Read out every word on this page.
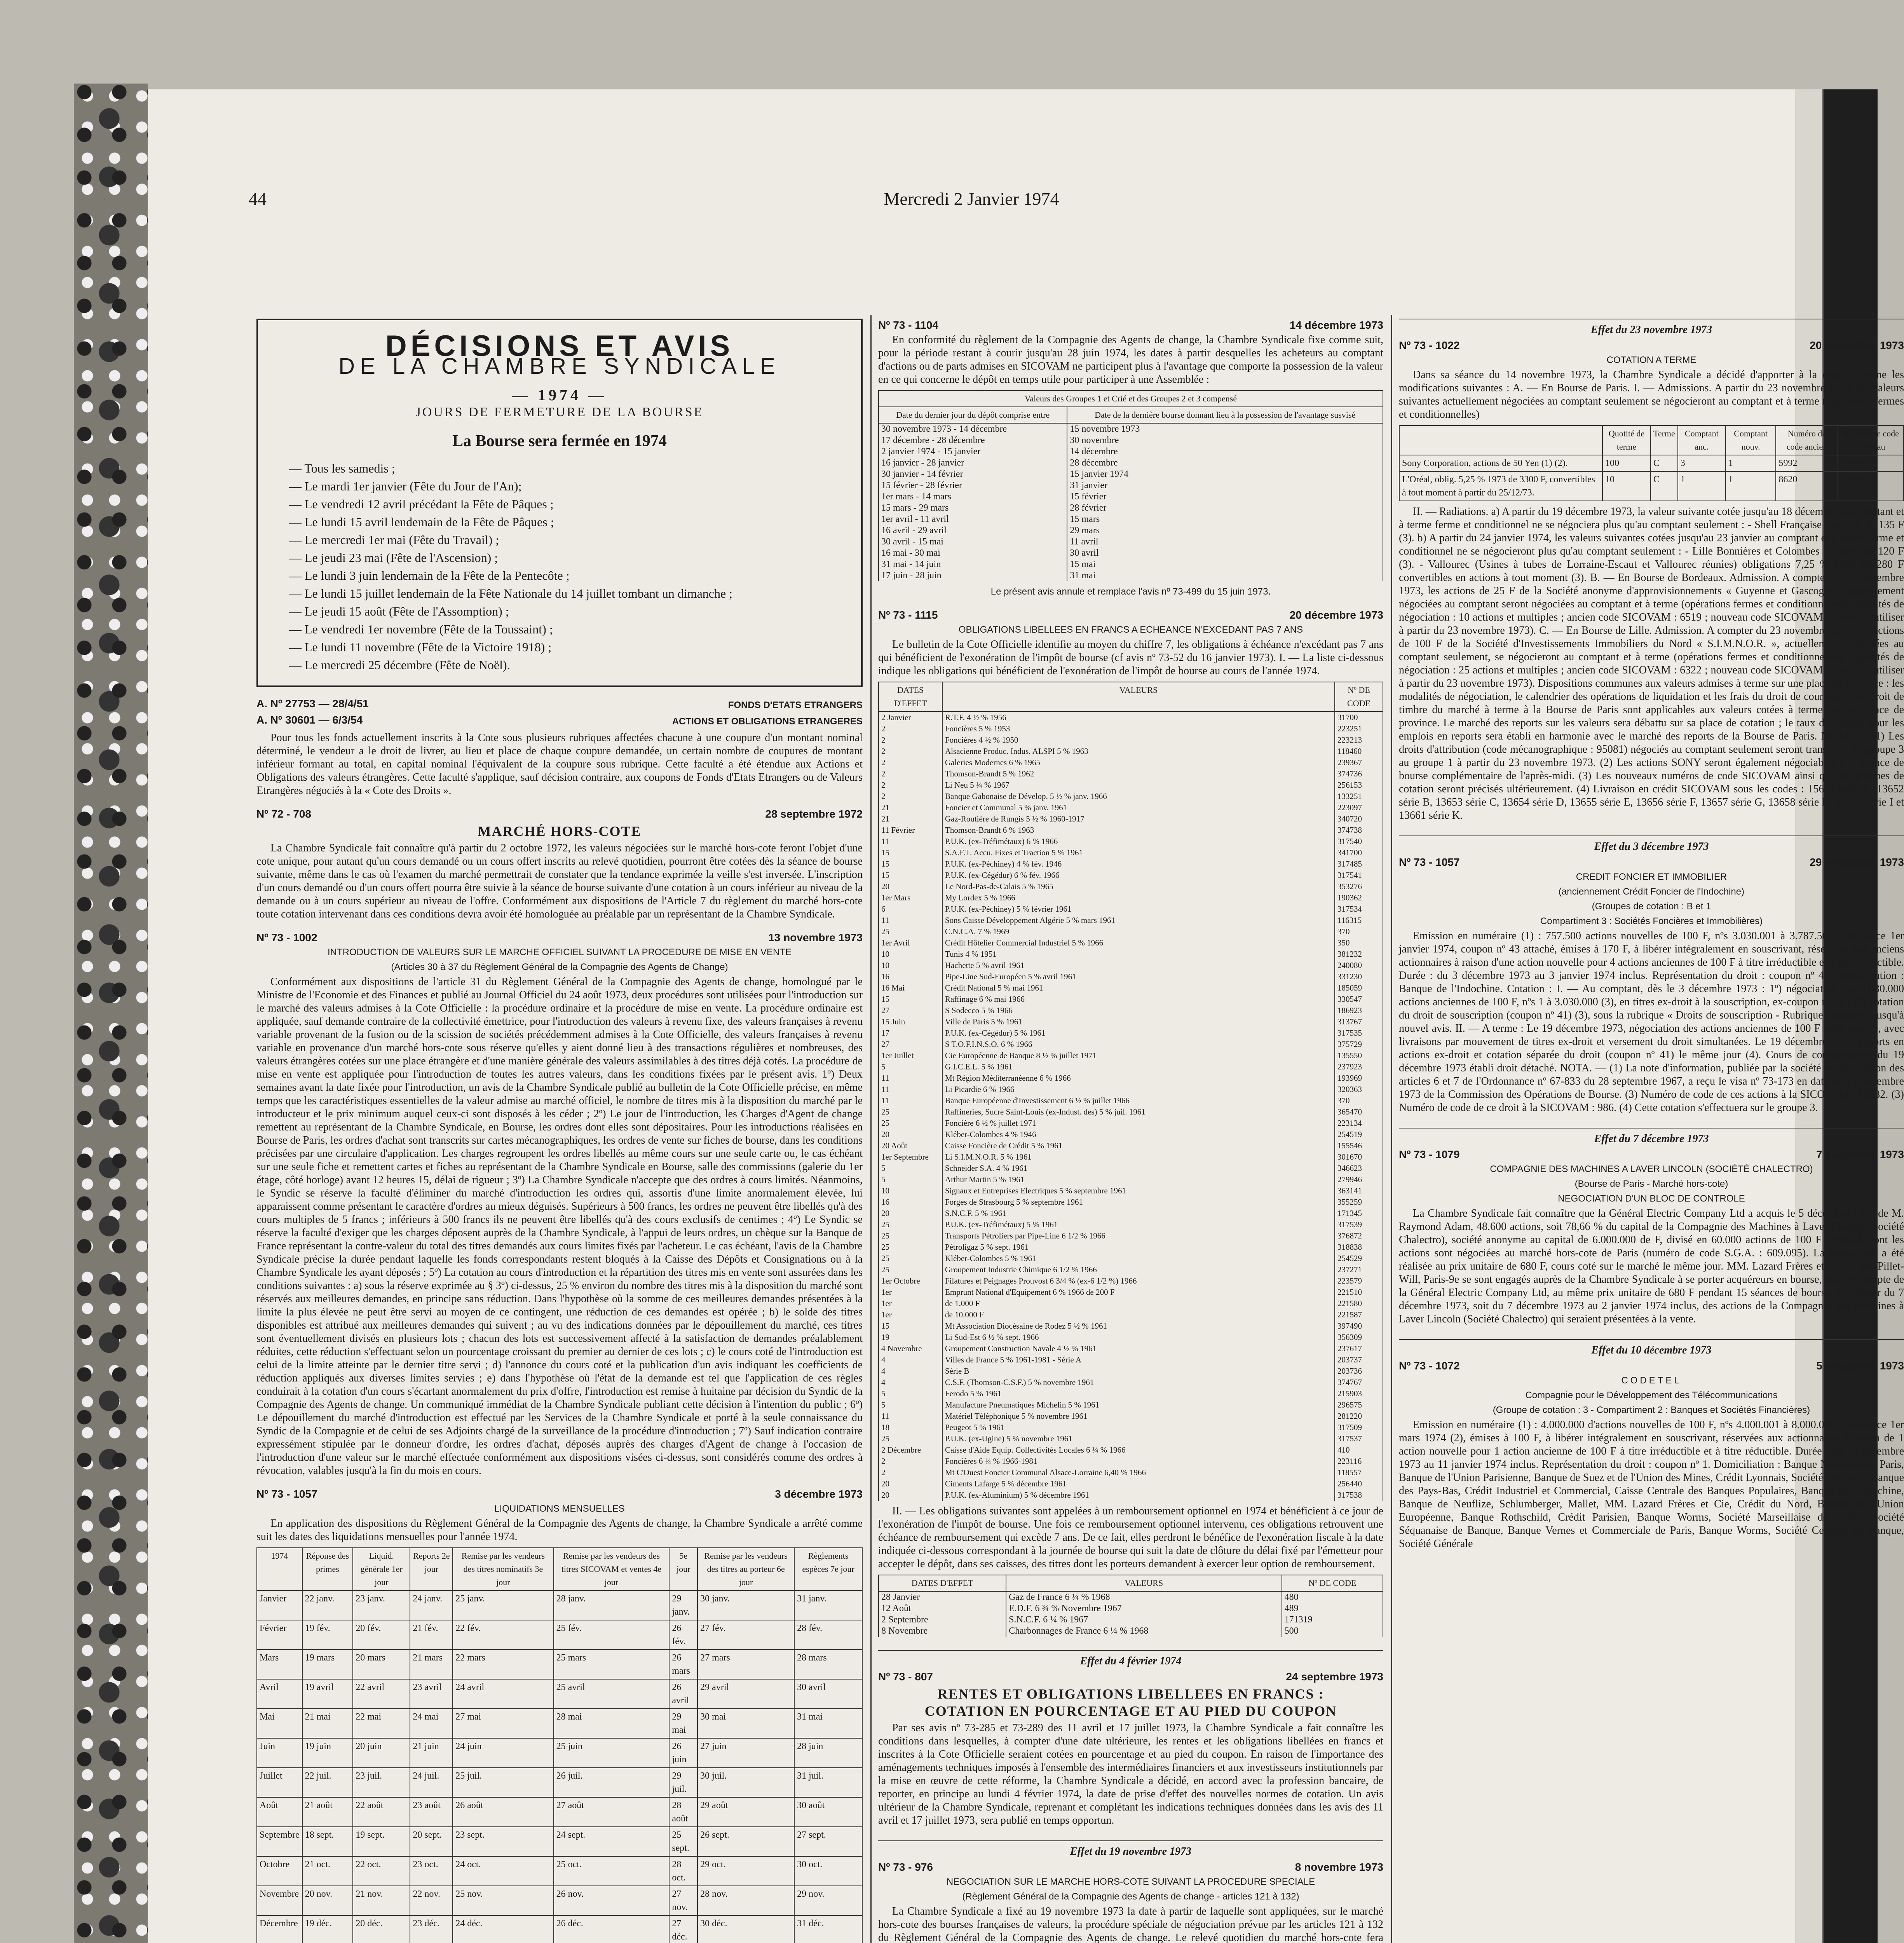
44	Mercredi 2 Janvier 1974
DÉCISIONS ET AVIS
DE LA CHAMBRE SYNDICALE
— 1974 —
JOURS DE FERMETURE DE LA BOURSE
La Bourse sera fermée en 1974
— Tous les samedis ;
— Le mardi 1er janvier (Fête du Jour de l'An);
— Le vendredi 12 avril précédant la Fête de Pâques ;
— Le lundi 15 avril lendemain de la Fête de Pâques ;
— Le mercredi 1er mai (Fête du Travail) ;
— Le jeudi 23 mai (Fête de l'Ascension) ;
— Le lundi 3 juin lendemain de la Fête de la Pentecôte ;
— Le lundi 15 juillet lendemain de la Fête Nationale du 14 juillet tombant un dimanche ;
— Le jeudi 15 août (Fête de l'Assomption) ;
— Le vendredi 1er novembre (Fête de la Toussaint) ;
— Le lundi 11 novembre (Fête de la Victoire 1918) ;
— Le mercredi 25 décembre (Fête de Noël).
A. Nº 27753 — 28/4/51	FONDS D'ETATS ETRANGERS
A. Nº 30601 — 6/3/54	ACTIONS ET OBLIGATIONS ETRANGERES

Pour tous les fonds actuellement inscrits à la Cote sous plusieurs rubriques affectées chacune à une coupure d'un montant nominal déterminé, le vendeur a le droit de livrer, au lieu et place de chaque coupure demandée, un certain nombre de coupures de montant inférieur formant au total, en capital nominal l'équivalent de la coupure sous rubrique. Cette faculté a été étendue aux Actions et Obligations des valeurs étrangères. Cette faculté s'applique, sauf décision contraire, aux coupons de Fonds d'Etats Etrangers ou de Valeurs Etrangères négociés à la « Cote des Droits ».

Nº 72 - 708	28 septembre 1972
MARCHÉ HORS-COTE

La Chambre Syndicale fait connaître qu'à partir du 2 octobre 1972, les valeurs négociées sur le marché hors-cote feront l'objet d'une cote unique, pour autant qu'un cours demandé ou un cours offert inscrits au relevé quotidien, pourront être cotées dès la séance de bourse suivante, même dans le cas où l'examen du marché permettrait de constater que la tendance exprimée la veille s'est inversée. L'inscription d'un cours demandé ou d'un cours offert pourra être suivie à la séance de bourse suivante d'une cotation à un cours inférieur au niveau de la demande ou à un cours supérieur au niveau de l'offre. Conformément aux dispositions de l'Article 7 du règlement du marché hors-cote toute cotation intervenant dans ces conditions devra avoir été homologuée au préalable par un représentant de la Chambre Syndicale.

Nº 73 - 1002	13 novembre 1973
INTRODUCTION DE VALEURS SUR LE MARCHE OFFICIEL SUIVANT LA PROCEDURE DE MISE EN VENTE
(Articles 30 à 37 du Règlement Général de la Compagnie des Agents de Change)

Conformément aux dispositions de l'article 31 du Règlement Général de la Compagnie des Agents de change, homologué par le Ministre de l'Economie et des Finances et publié au Journal Officiel du 24 août 1973, deux procédures sont utilisées pour l'introduction sur le marché des valeurs admises à la Cote Officielle : la procédure ordinaire et la procédure de mise en vente. La procédure ordinaire est appliquée, sauf demande contraire de la collectivité émettrice, pour l'introduction des valeurs à revenu fixe, des valeurs françaises à revenu variable provenant de la fusion ou de la scission de sociétés précédemment admises à la Cote Officielle, des valeurs françaises à revenu variable en provenance d'un marché hors-cote sous réserve qu'elles y aient donné lieu à des transactions régulières et nombreuses, des valeurs étrangères cotées sur une place étrangère et d'une manière générale des valeurs assimilables à des titres déjà cotés. La procédure de mise en vente est appliquée pour l'introduction de toutes les autres valeurs, dans les conditions fixées par le présent avis. 1º) Deux semaines avant la date fixée pour l'introduction, un avis de la Chambre Syndicale publié au bulletin de la Cote Officielle précise, en même temps que les caractéristiques essentielles de la valeur admise au marché officiel, le nombre de titres mis à la disposition du marché par le introducteur et le prix minimum auquel ceux-ci sont disposés à les céder ; 2º) Le jour de l'introduction, les Charges d'Agent de change remettent au représentant de la Chambre Syndicale, en Bourse, les ordres dont elles sont dépositaires. Pour les introductions réalisées en Bourse de Paris, les ordres d'achat sont transcrits sur cartes mécanographiques, les ordres de vente sur fiches de bourse, dans les conditions précisées par une circulaire d'application. Les charges regroupent les ordres libellés au même cours sur une seule carte ou, le cas échéant sur une seule fiche et remettent cartes et fiches au représentant de la Chambre Syndicale en Bourse, salle des commissions (galerie du 1er étage, côté horloge) avant 12 heures 15, délai de rigueur ; 3º) La Chambre Syndicale n'accepte que des ordres à cours limités. Néanmoins, le Syndic se réserve la faculté d'éliminer du marché d'introduction les ordres qui, assortis d'une limite anormalement élevée, lui apparaissent comme présentant le caractère d'ordres au mieux déguisés. Supérieurs à 500 francs, les ordres ne peuvent être libellés qu'à des cours multiples de 5 francs ; inférieurs à 500 francs ils ne peuvent être libellés qu'à des cours exclusifs de centimes ; 4º) Le Syndic se réserve la faculté d'exiger que les charges déposent auprès de la Chambre Syndicale, à l'appui de leurs ordres, un chèque sur la Banque de France représentant la contre-valeur du total des titres demandés aux cours limites fixés par l'acheteur. Le cas échéant, l'avis de la Chambre Syndicale précise la durée pendant laquelle les fonds correspondants restent bloqués à la Caisse des Dépôts et Consignations ou à la Chambre Syndicale les ayant déposés ; 5º) La cotation au cours d'introduction et la répartition des titres mis en vente sont assurées dans les conditions suivantes : a) sous la réserve exprimée au § 3º) ci-dessus, 25 % environ du nombre des titres mis à la disposition du marché sont réservés aux meilleures demandes, en principe sans réduction. Dans l'hypothèse où la somme de ces meilleures demandes présentées à la limite la plus élevée ne peut être servi au moyen de ce contingent, une réduction de ces demandes est opérée ; b) le solde des titres disponibles est attribué aux meilleures demandes qui suivent ; au vu des indications données par le dépouillement du marché, ces titres sont éventuellement divisés en plusieurs lots ; chacun des lots est successivement affecté à la satisfaction de demandes préalablement réduites, cette réduction s'effectuant selon un pourcentage croissant du premier au dernier de ces lots ; c) le cours coté de l'introduction est celui de la limite atteinte par le dernier titre servi ; d) l'annonce du cours coté et la publication d'un avis indiquant les coefficients de réduction appliqués aux diverses limites servies ; e) dans l'hypothèse où l'état de la demande est tel que l'application de ces règles conduirait à la cotation d'un cours s'écartant anormalement du prix d'offre, l'introduction est remise à huitaine par décision du Syndic de la Compagnie des Agents de change. Un communiqué immédiat de la Chambre Syndicale publiant cette décision à l'intention du public ; 6º) Le dépouillement du marché d'introduction est effectué par les Services de la Chambre Syndicale et porté à la seule connaissance du Syndic de la Compagnie et de celui de ses Adjoints chargé de la surveillance de la procédure d'introduction ; 7º) Sauf indication contraire expressément stipulée par le donneur d'ordre, les ordres d'achat, déposés auprès des charges d'Agent de change à l'occasion de l'introduction d'une valeur sur le marché effectuée conformément aux dispositions visées ci-dessus, sont considérés comme des ordres à révocation, valables jusqu'à la fin du mois en cours.

Nº 73 - 1057	3 décembre 1973
LIQUIDATIONS MENSUELLES

En application des dispositions du Règlement Général de la Compagnie des Agents de change, la Chambre Syndicale a arrêté comme suit les dates des liquidations mensuelles pour l'année 1974.

1974	Réponse des primes	Liquid. générale 1er jour	Reports 2e jour	Remise par les vendeurs des titres nominatifs 3e jour	Remise par les vendeurs des titres SICOVAM et ventes 4e jour	5e jour	Remise par les vendeurs des titres au porteur 6e jour	Règlements espèces 7e jour
Janvier	22 janv.	23 janv.	24 janv.	25 janv.	28 janv.	29 janv.	30 janv.	31 janv.
Février	19 fév.	20 fév.	21 fév.	22 fév.	25 fév.	26 fév.	27 fév.	28 fév.
Mars	19 mars	20 mars	21 mars	22 mars	25 mars	26 mars	27 mars	28 mars
Avril	19 avril	22 avril	23 avril	24 avril	25 avril	26 avril	29 avril	30 avril
Mai	21 mai	22 mai	24 mai	27 mai	28 mai	29 mai	30 mai	31 mai
Juin	19 juin	20 juin	21 juin	24 juin	25 juin	26 juin	27 juin	28 juin
Juillet	22 juil.	23 juil.	24 juil.	25 juil.	26 juil.	29 juil.	30 juil.	31 juil.
Août	21 août	22 août	23 août	26 août	27 août	28 août	29 août	30 août
Septembre	18 sept.	19 sept.	20 sept.	23 sept.	24 sept.	25 sept.	26 sept.	27 sept.
Octobre	21 oct.	22 oct.	23 oct.	24 oct.	25 oct.	28 oct.	29 oct.	30 oct.
Novembre	20 nov.	21 nov.	22 nov.	25 nov.	26 nov.	27 nov.	28 nov.	29 nov.
Décembre	19 déc.	20 déc.	23 déc.	24 déc.	26 déc.	27 déc.	30 déc.	31 déc.
Nº 73 - 1104	14 décembre 1973

En conformité du règlement de la Compagnie des Agents de change, la Chambre Syndicale fixe comme suit, pour la période restant à courir jusqu'au 28 juin 1974, les dates à partir desquelles les acheteurs au comptant d'actions ou de parts admises en SICOVAM ne participent plus à l'avantage que comporte la possession de la valeur en ce qui concerne le dépôt en temps utile pour participer à une Assemblée :

Valeurs des Groupes 1 et Crié et des Groupes 2 et 3 compensé	
Date du dernier jour du dépôt comprise entre	Date de la dernière bourse donnant lieu à la possession de l'avantage susvisé
30 novembre 1973 - 14 décembre	15 novembre 1973
17 décembre - 28 décembre	30 novembre
2 janvier 1974 - 15 janvier	14 décembre
16 janvier - 28 janvier	28 décembre
30 janvier - 14 février	15 janvier 1974
15 février - 28 février	31 janvier
1er mars - 14 mars	15 février
15 mars - 29 mars	28 février
1er avril - 11 avril	15 mars
16 avril - 29 avril	29 mars
30 avril - 15 mai	11 avril
16 mai - 30 mai	30 avril
31 mai - 14 juin	15 mai
17 juin - 28 juin	31 mai
Le présent avis annule et remplace l'avis nº 73-499 du 15 juin 1973.
Nº 73 - 1115	20 décembre 1973
OBLIGATIONS LIBELLEES EN FRANCS A ECHEANCE N'EXCEDANT PAS 7 ANS

Le bulletin de la Cote Officielle identifie au moyen du chiffre 7, les obligations à échéance n'excédant pas 7 ans qui bénéficient de l'exonération de l'impôt de bourse (cf avis nº 73-52 du 16 janvier 1973). I. — La liste ci-dessous indique les obligations qui bénéficient de l'exonération de l'impôt de bourse au cours de l'année 1974.

DATES D'EFFET	VALEURS	Nº DE CODE
2 Janvier	R.T.F. 4 ½ % 1956	31700
2	Foncières 5 % 1953	223251
2	Foncières 4 ½ % 1950	223213
2	Alsacienne Produc. Indus. ALSPI 5 % 1963	118460
2	Galeries Modernes 6 % 1965	239367
2	Thomson-Brandt 5 % 1962	374736
2	Li Neu 5 ¼ % 1967	256153
2	Banque Gabonaise de Dévelop. 5 ½ % janv. 1966	133251
21	Foncier et Communal 5 % janv. 1961	223097
21	Gaz-Routière de Rungis 5 ½ % 1960-1917	340720
11 Février	Thomson-Brandt 6 % 1963	374738
11	P.U.K. (ex-Tréfimétaux) 6 % 1966	317540
15	S.A.F.T. Accu. Fixes et Traction 5 % 1961	341700
15	P.U.K. (ex-Péchiney) 4 % fév. 1946	317485
15	P.U.K. (ex-Cégédur) 6 % fév. 1966	317541
20	Le Nord-Pas-de-Calais 5 % 1965	353276
1er Mars	My Lordex 5 % 1966	190362
6	P.U.K. (ex-Péchiney) 5 % février 1961	317534
11	Sons Caisse Développement Algérie 5 % mars 1961	116315
25	C.N.C.A. 7 % 1969	370
1er Avril	Crédit Hôtelier Commercial Industriel 5 % 1966	350
10	Tunis 4 % 1951	381232
10	Hachette 5 % avril 1961	240080
16	Pipe-Line Sud-Européen 5 % avril 1961	331230
16 Mai	Crédit National 5 % mai 1961	185059
15	Raffinage 6 % mai 1966	330547
27	S Sodecco 5 % 1966	186923
15 Juin	Ville de Paris 5 % 1961	313767
17	P.U.K. (ex-Cégédur) 5 % 1961	317535
27	S T.O.F.I.N.S.O. 6 % 1966	375729
1er Juillet	Cie Européenne de Banque 8 ½ % juillet 1971	135550
5	G.I.C.E.L. 5 % 1961	237923
11	Mt Région Méditerranéenne 6 % 1966	193969
11	Li Picardie 6 % 1966	320363
11	Banque Européenne d'Investissement 6 ½ % juillet 1966	370
25	Raffineries, Sucre Saint-Louis (ex-Indust. des) 5 % juil. 1961	365470
25	Foncière 6 ½ % juillet 1971	223134
20	Kléber-Colombes 4 % 1946	254519
20 Août	Caisse Foncière de Crédit 5 % 1961	155546
1er Septembre	Li S.I.M.N.O.R. 5 % 1961	301670
5	Schneider S.A. 4 % 1961	346623
5	Arthur Martin 5 % 1961	279946
10	Signaux et Entreprises Electriques 5 % septembre 1961	363141
16	Forges de Strasbourg 5 % septembre 1961	355259
20	S.N.C.F. 5 % 1961	171345
25	P.U.K. (ex-Tréfimétaux) 5 % 1961	317539
25	Transports Pétroliers par Pipe-Line 6 1/2 % 1966	376872
25	Pétroligaz 5 % sept. 1961	318838
25	Kléber-Colombes 5 % 1961	254529
25	Groupement Industrie Chimique 6 1/2 % 1966	237271
1er Octobre	Filatures et Peignages Prouvost 6 3/4 % (ex-6 1/2 %) 1966	223579
1er	Emprunt National d'Equipement 6 % 1966 de 200 F	221510
1er	de 1.000 F	221580
1er	de 10.000 F	221587
15	Mt Association Diocésaine de Rodez 5 ½ % 1961	397490
19	Li Sud-Est 6 ½ % sept. 1966	356309
4 Novembre	Groupement Construction Navale 4 ½ % 1961	237617
4	Villes de France 5 % 1961-1981 - Série A	203737
4	Série B	203736
4	C.S.F. (Thomson-C.S.F.) 5 % novembre 1961	374767
5	Ferodo 5 % 1961	215903
5	Manufacture Pneumatiques Michelin 5 % 1961	296575
11	Matériel Téléphonique 5 % novembre 1961	281220
18	Peugeot 5 % 1961	317509
25	P.U.K. (ex-Ugine) 5 % novembre 1961	317537
2 Décembre	Caisse d'Aide Equip. Collectivités Locales 6 ¼ % 1966	410
2	Foncières 6 ¼ % 1966-1981	223116
2	Mt C'Ouest Foncier Communal Alsace-Lorraine 6,40 % 1966	118557
20	Ciments Lafarge 5 % décembre 1961	256440
20	P.U.K. (ex-Aluminium) 5 % décembre 1961	317538

II. — Les obligations suivantes sont appelées à un remboursement optionnel en 1974 et bénéficient à ce jour de l'exonération de l'impôt de bourse. Une fois ce remboursement optionnel intervenu, ces obligations retrouvent une échéance de remboursement qui excède 7 ans. De ce fait, elles perdront le bénéfice de l'exonération fiscale à la date indiquée ci-dessous correspondant à la journée de bourse qui suit la date de clôture du délai fixé par l'émetteur pour accepter le dépôt, dans ses caisses, des titres dont les porteurs demandent à exercer leur option de remboursement.

DATES D'EFFET	VALEURS	Nº DE CODE
28 Janvier	Gaz de France 6 ¼ % 1968	480
12 Août	E.D.F. 6 ¾ % Novembre 1967	489
2 Septembre	S.N.C.F. 6 ¼ % 1967	171319
8 Novembre	Charbonnages de France 6 ¼ % 1968	500
Effet du 4 février 1974
Nº 73 - 807	24 septembre 1973
RENTES ET OBLIGATIONS LIBELLEES EN FRANCS :
COTATION EN POURCENTAGE ET AU PIED DU COUPON

Par ses avis nº 73-285 et 73-289 des 11 avril et 17 juillet 1973, la Chambre Syndicale a fait connaître les conditions dans lesquelles, à compter d'une date ultérieure, les rentes et les obligations libellées en francs et inscrites à la Cote Officielle seraient cotées en pourcentage et au pied du coupon. En raison de l'importance des aménagements techniques imposés à l'ensemble des intermédiaires financiers et aux investisseurs institutionnels par la mise en œuvre de cette réforme, la Chambre Syndicale a décidé, en accord avec la profession bancaire, de reporter, en principe au lundi 4 février 1974, la date de prise d'effet des nouvelles normes de cotation. Un avis ultérieur de la Chambre Syndicale, reprenant et complétant les indications techniques données dans les avis des 11 avril et 17 juillet 1973, sera publié en temps opportun.

Effet du 19 novembre 1973
Nº 73 - 976	8 novembre 1973
NEGOCIATION SUR LE MARCHE HORS-COTE SUIVANT LA PROCEDURE SPECIALE
(Règlement Général de la Compagnie des Agents de change - articles 121 à 132)

La Chambre Syndicale a fixé au 19 novembre 1973 la date à partir de laquelle sont appliquées, sur le marché hors-cote des bourses françaises de valeurs, la procédure spéciale de négociation prévue par les articles 121 à 132 du Règlement Général de la Compagnie des Agents de change. Le relevé quotidien du marché hors-cote fera

Effet du 23 novembre 1973
Nº 73 - 1022	20 novembre 1973
COTATION A TERME

Dans sa séance du 14 novembre 1973, la Chambre Syndicale a décidé d'apporter à la cote du terme les modifications suivantes : A. — En Bourse de Paris. I. — Admissions. A partir du 23 novembre 1973, les valeurs suivantes actuellement négociées au comptant seulement se négocieront au comptant et à terme (opérations fermes et conditionnelles)

	Quotité de terme	Terme	Comptant anc.	Comptant nouv.	Numéro de code ancien	Numéro de code nouveau
Sony Corporation, actions de 50 Yen (1) (2).	100	C	3	1	5992	12909
L'Oréal, oblig. 5,25 % 1973 de 3300 F, convertibles à tout moment à partir du 25/12/73.	10	C	1	1	8620	13650

II. — Radiations. a) A partir du 19 décembre 1973, la valeur suivante cotée jusqu'au 18 décembre au comptant et à terme ferme et conditionnel ne se négociera plus qu'au comptant seulement : - Shell Française : actions de 135 F (3). b) A partir du 24 janvier 1974, les valeurs suivantes cotées jusqu'au 23 janvier au comptant et à terme ferme et conditionnel ne se négocieront plus qu'au comptant seulement : - Lille Bonnières et Colombes : actions de 120 F (3). - Vallourec (Usines à tubes de Lorraine-Escaut et Vallourec réunies) obligations 7,25 % 1970 de 280 F convertibles en actions à tout moment (3). B. — En Bourse de Bordeaux. Admission. A compter du 23 novembre 1973, les actions de 25 F de la Société anonyme d'approvisionnements « Guyenne et Gascogne » actuellement négociées au comptant seront négociées au comptant et à terme (opérations fermes et conditionnelles) ; quotités de négociation : 10 actions et multiples ; ancien code SICOVAM : 6519 ; nouveau code SICOVAM : 12440 (à utiliser à partir du 23 novembre 1973). C. — En Bourse de Lille. Admission. A compter du 23 novembre 1973, les actions de 100 F de la Société d'Investissements Immobiliers du Nord « S.I.M.N.O.R. », actuellement négociées au comptant seulement, se négocieront au comptant et à terme (opérations fermes et conditionnelles) : quotités de négociation : 25 actions et multiples ; ancien code SICOVAM : 6322 ; nouveau code SICOVAM : 12420 (à utiliser à partir du 23 novembre 1973). Dispositions communes aux valeurs admises à terme sur une place de province : les modalités de négociation, le calendrier des opérations de liquidation et les frais du droit de courtage et du droit de timbre du marché à terme à la Bourse de Paris sont applicables aux valeurs cotées à terme sur une place de province. Le marché des reports sur les valeurs sera débattu sur sa place de cotation ; le taux de l'argent pour les emplois en reports sera établi en harmonie avec le marché des reports de la Bourse de Paris. NOTA. — (1) Les droits d'attribution (code mécanographique : 95081) négociés au comptant seulement seront transférés du groupe 3 au groupe 1 à partir du 23 novembre 1973. (2) Les actions SONY seront également négociables à la séance de bourse complémentaire de l'après-midi. (3) Les nouveaux numéros de code SICOVAM ainsi que les groupes de cotation seront précisés ultérieurement. (4) Livraison en crédit SICOVAM sous les codes : 15651 série A, 13652 série B, 13653 série C, 13654 série D, 13655 série E, 13656 série F, 13657 série G, 13658 série H, 13659 série I et 13661 série K.

Effet du 3 décembre 1973
Nº 73 - 1057	29 novembre 1973
CREDIT FONCIER ET IMMOBILIER
(anciennement Crédit Foncier de l'Indochine)
(Groupes de cotation : B et 1
Compartiment 3 : Sociétés Foncières et Immobilières)

Emission en numéraire (1) : 757.500 actions nouvelles de 100 F, nºs 3.030.001 à 3.787.500, jouissance 1er janvier 1974, coupon nº 43 attaché, émises à 170 F, à libérer intégralement en souscrivant, réservées aux anciens actionnaires à raison d'une action nouvelle pour 4 actions anciennes de 100 F à titre irréductible et à titre réductible. Durée : du 3 décembre 1973 au 3 janvier 1974 inclus. Représentation du droit : coupon nº 41. Domiciliation : Banque de l'Indochine. Cotation : I. — Au comptant, dès le 3 décembre 1973 : 1º) négociation des 3.030.000 actions anciennes de 100 F, nºs 1 à 3.030.000 (3), en titres ex-droit à la souscription, ex-coupon nº 41 ; 2º) cotation du droit de souscription (coupon nº 41) (3), sous la rubrique « Droits de souscription - Rubrique normale » jusqu'à nouvel avis. II. — A terme : Le 19 décembre 1973, négociation des actions anciennes de 100 F droit attaché, avec livraisons par mouvement de titres ex-droit et versement du droit simultanées. Le 19 décembre 1973, reports en actions ex-droit et cotation séparée du droit (coupon nº 41) le même jour (4). Cours de compensation du 19 décembre 1973 établi droit détaché. NOTA. — (1) La note d'information, publiée par la société en application des articles 6 et 7 de l'Ordonnance nº 67-833 du 28 septembre 1967, a reçu le visa nº 73-173 en date du 13 novembre 1973 de la Commission des Opérations de Bourse. (3) Numéro de code de ces actions à la SICOVAM : 13032. (3) Numéro de code de ce droit à la SICOVAM : 986. (4) Cette cotation s'effectuera sur le groupe 3.

Effet du 7 décembre 1973
Nº 73 - 1079	7 décembre 1973
COMPAGNIE DES MACHINES A LAVER LINCOLN (SOCIÉTÉ CHALECTRO)
(Bourse de Paris - Marché hors-cote)
NEGOCIATION D'UN BLOC DE CONTROLE

La Chambre Syndicale fait connaître que la Général Electric Company Ltd a acquis le 5 décembre 1973 de M. Raymond Adam, 48.600 actions, soit 78,66 % du capital de la Compagnie des Machines à Laver Lincoln (Société Chalectro), société anonyme au capital de 6.000.000 de F, divisé en 60.000 actions de 100 F nominal, dont les actions sont négociées au marché hors-cote de Paris (numéro de code S.G.A. : 609.095). La transaction a été réalisée au prix unitaire de 680 F, cours coté sur le marché le même jour. MM. Lazard Frères et Cie, 5, rue Pillet-Will, Paris-9e se sont engagés auprès de la Chambre Syndicale à se porter acquéreurs en bourse, pour le compte de la Général Electric Company Ltd, au même prix unitaire de 680 F pendant 15 séances de bourse, à compter du 7 décembre 1973, soit du 7 décembre 1973 au 2 janvier 1974 inclus, des actions de la Compagnie des Machines à Laver Lincoln (Société Chalectro) qui seraient présentées à la vente.

Effet du 10 décembre 1973
Nº 73 - 1072	5 décembre 1973
CODETEL
Compagnie pour le Développement des Télécommunications
(Groupe de cotation : 3 - Compartiment 2 : Banques et Sociétés Financières)

Emission en numéraire (1) : 4.000.000 d'actions nouvelles de 100 F, nºs 4.000.001 à 8.000.000, jouissance 1er mars 1974 (2), émises à 100 F, à libérer intégralement en souscrivant, réservées aux actionnaires à raison de 1 action nouvelle pour 1 action ancienne de 100 F à titre irréductible et à titre réductible. Durée : du 10 décembre 1973 au 11 janvier 1974 inclus. Représentation du droit : coupon nº 1. Domiciliation : Banque Nationale de Paris, Banque de l'Union Parisienne, Banque de Suez et de l'Union des Mines, Crédit Lyonnais, Société Générale, Banque des Pays-Bas, Crédit Industriel et Commercial, Caisse Centrale des Banques Populaires, Banque de l'Indochine, Banque de Neuflize, Schlumberger, Mallet, MM. Lazard Frères et Cie, Crédit du Nord, Banque de l'Union Européenne, Banque Rothschild, Crédit Parisien, Banque Worms, Société Marseillaise de Crédit, Société Séquanaise de Banque, Banque Vernes et Commerciale de Paris, Banque Worms, Société Centrale de Banque, Société Générale
